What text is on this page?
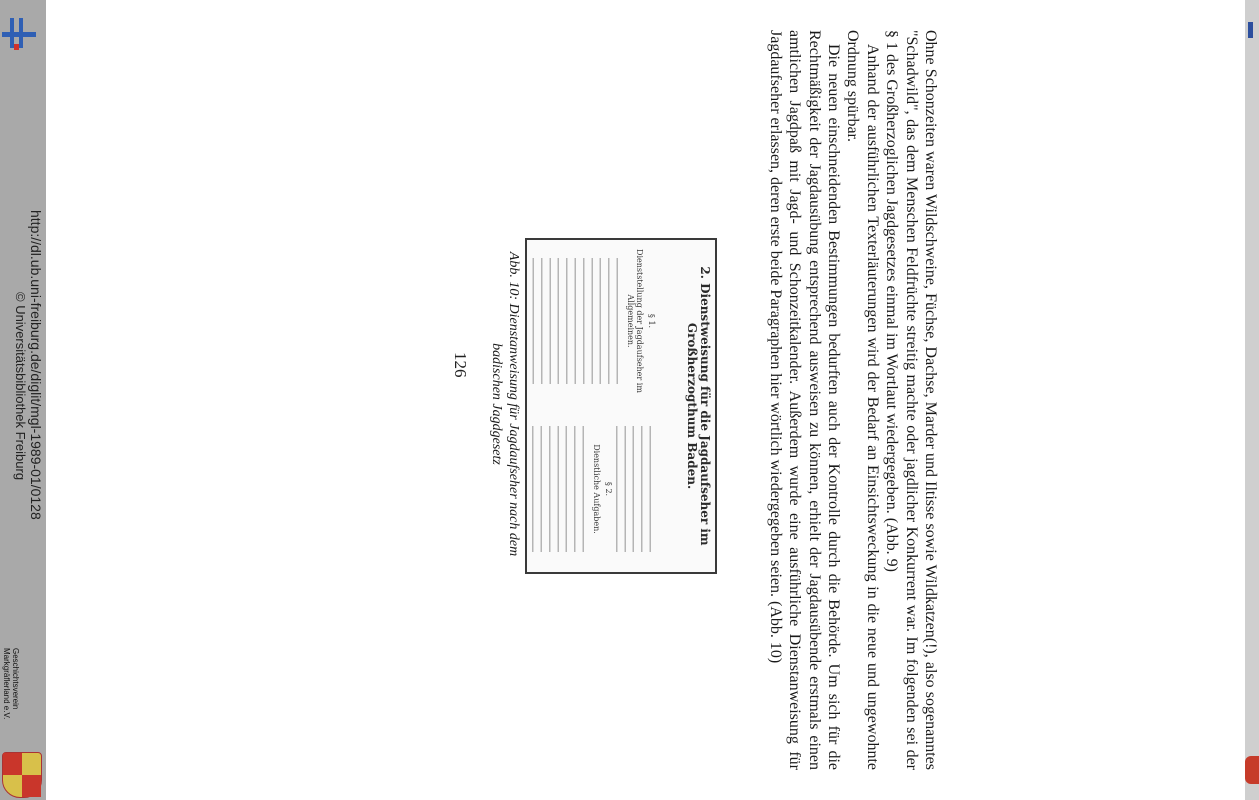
http://dl.ub.uni-freiburg.de/diglit/mgl-1989-01/0128
© Universitätsbibliothek Freiburg
Geschichtsverein
Markgräflerland e.V.	Ohne Schonzeiten waren Wildschweine, Füchse, Dachse, Marder und Iltisse sowie Wildkatzen(!), also sogenanntes "Schadwild", das dem Menschen Feldfrüchte streitig machte oder jagdlicher Konkurrent war. Im folgenden sei der § 1 des Großherzoglichen Jagdgesetzes einmal im Wortlaut wiedergegeben. (Abb. 9)

Anhand der ausführlichen Texterläuterungen wird der Bedarf an Einsichtsweckung in die neue und ungewohnte Ordnung spürbar.

Die neuen einschneidenden Bestimmungen bedurften auch der Kontrolle durch die Behörde. Um sich für die Rechtmäßigkeit der Jagdausübung entsprechend ausweisen zu können, erhielt der Jagdausübende erstmals einen amtlichen Jagdpaß mit Jagd- und Schonzeitkalender. Außerdem wurde eine ausführliche Dienstanweisung für Jagdaufseher erlassen, deren erste beide Paragraphen hier wörtlich wiedergegeben seien. (Abb. 10)

2. Dienstweisung für die Jagdaufseher im Großherzogthum Baden.
§ 1.
Dienststellung der Jagdaufseher im Allgemeinen.
§ 2.
Dienstliche Aufgaben.
Abb. 10: Dienstanweisung für Jagdaufseher nach dem badischen Jagdgesetz
126
